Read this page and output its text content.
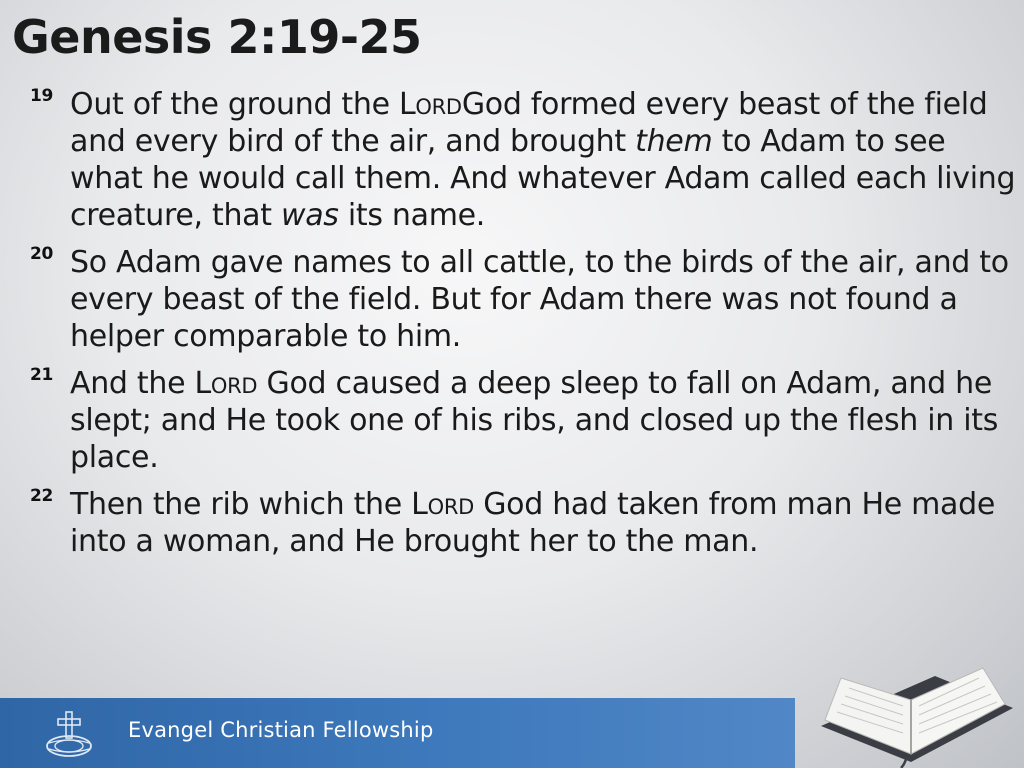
Genesis 2:19-25

19 Out of the ground the LordGod formed every beast of the field and every bird of the air, and brought them to Adam to see what he would call them. And whatever Adam called each living creature, that was its name.

20 So Adam gave names to all cattle, to the birds of the air, and to every beast of the field. But for Adam there was not found a helper comparable to him.

21 And the Lord God caused a deep sleep to fall on Adam, and he slept; and He took one of his ribs, and closed up the flesh in its place.

22 Then the rib which the Lord God had taken from man He made into a woman, and He brought her to the man.

Evangel Christian Fellowship
